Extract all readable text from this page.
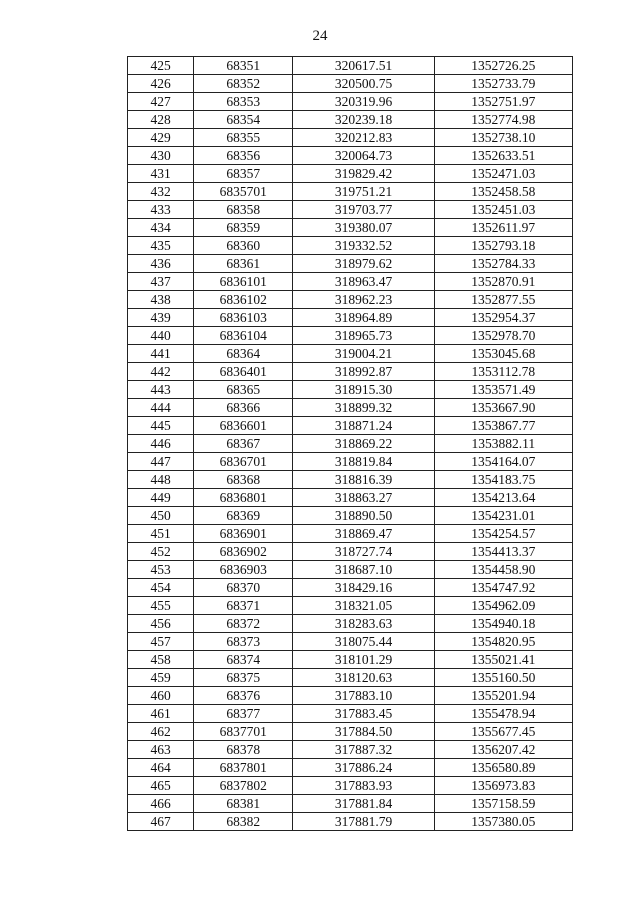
24
425	68351	320617.51	1352726.25
426	68352	320500.75	1352733.79
427	68353	320319.96	1352751.97
428	68354	320239.18	1352774.98
429	68355	320212.83	1352738.10
430	68356	320064.73	1352633.51
431	68357	319829.42	1352471.03
432	6835701	319751.21	1352458.58
433	68358	319703.77	1352451.03
434	68359	319380.07	1352611.97
435	68360	319332.52	1352793.18
436	68361	318979.62	1352784.33
437	6836101	318963.47	1352870.91
438	6836102	318962.23	1352877.55
439	6836103	318964.89	1352954.37
440	6836104	318965.73	1352978.70
441	68364	319004.21	1353045.68
442	6836401	318992.87	1353112.78
443	68365	318915.30	1353571.49
444	68366	318899.32	1353667.90
445	6836601	318871.24	1353867.77
446	68367	318869.22	1353882.11
447	6836701	318819.84	1354164.07
448	68368	318816.39	1354183.75
449	6836801	318863.27	1354213.64
450	68369	318890.50	1354231.01
451	6836901	318869.47	1354254.57
452	6836902	318727.74	1354413.37
453	6836903	318687.10	1354458.90
454	68370	318429.16	1354747.92
455	68371	318321.05	1354962.09
456	68372	318283.63	1354940.18
457	68373	318075.44	1354820.95
458	68374	318101.29	1355021.41
459	68375	318120.63	1355160.50
460	68376	317883.10	1355201.94
461	68377	317883.45	1355478.94
462	6837701	317884.50	1355677.45
463	68378	317887.32	1356207.42
464	6837801	317886.24	1356580.89
465	6837802	317883.93	1356973.83
466	68381	317881.84	1357158.59
467	68382	317881.79	1357380.05
